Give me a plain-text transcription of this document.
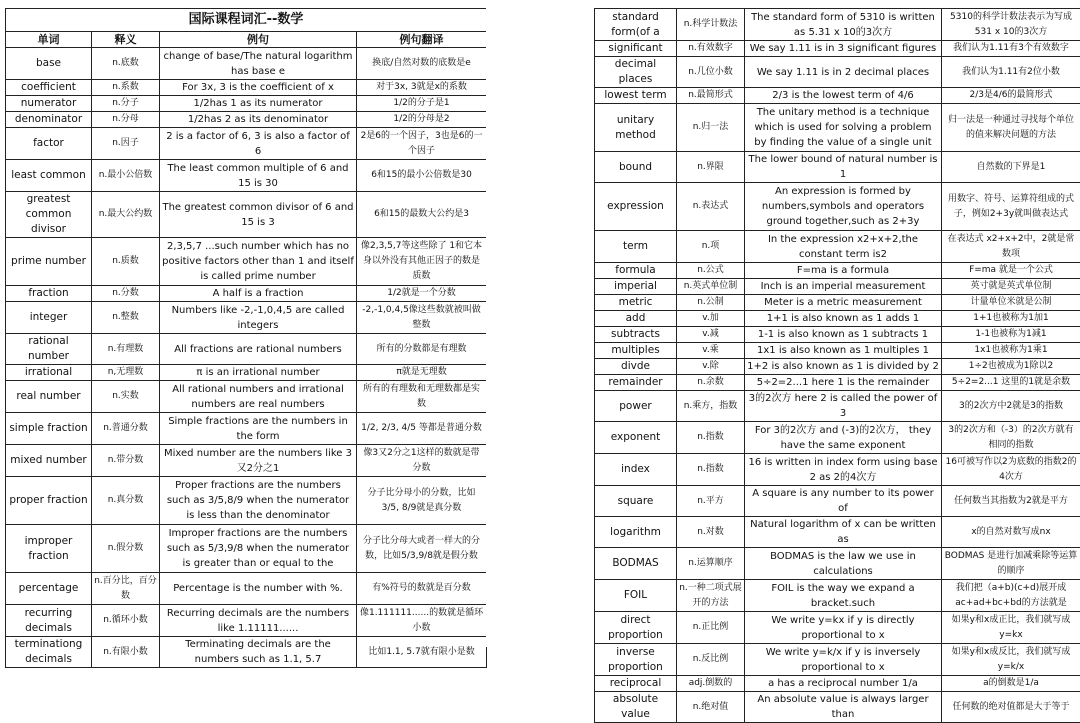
国际课程词汇--数学			
单词	释义	例句	例句翻译
base	n.底数	change of base/The natural logarithm has base e	换底/自然对数的底数是e
coefficient	n.系数	For 3x, 3 is the coefficient of x	对于3x, 3就是x的系数
numerator	n.分子	1/2has 1 as its numerator	1/2的分子是1
denominator	n.分母	1/2has 2 as its denominator	1/2的分母是2
factor	n.因子	2 is a factor of 6, 3 is also a factor of 6	2是6的一个因子，3也是6的一个因子
least common	n.最小公倍数	The least common multiple of 6 and 15 is 30	6和15的最小公倍数是30
greatest common divisor	n.最大公约数	The greatest common divisor of 6 and 15 is 3	6和15的最数大公约是3
prime number	n.质数	2,3,5,7 ...such number which has no positive factors other than 1 and itself is called prime number	像2,3,5,7等这些除了 1和它本身以外没有其他正因子的数是质数
fraction	n.分数	A half is a fraction	1/2就是一个分数
integer	n.整数	Numbers like -2,-1,0,4,5 are called integers	-2,-1,0,4,5像这些数就被叫做整数
rational number	n.有理数	All fractions are rational numbers	所有的分数都是有理数
irrational	n,无理数	π is an irrational number	π就是无理数
real number	n.实数	All rational numbers and irrational numbers are real numbers	所有的有理数和无理数都是实数
simple fraction	n.普通分数	Simple fractions are the numbers in the form	1/2, 2/3, 4/5 等都是普通分数
mixed number	n.带分数	Mixed number are the numbers like 3又2分之1	像3又2分之1这样的数就是带分数
proper fraction	n.真分数	Proper fractions are the numbers such as 3/5,8/9 when the numerator is less than the denominator	分子比分母小的分数，比如3/5, 8/9就是真分数
improper fraction	n.假分数	Improper fractions are the numbers such as 5/3,9/8 when the numerator is greater than or equal to the	分子比分母大或者一样大的分数，比如5/3,9/8就是假分数
percentage	n.百分比，百分数	Percentage is the number with %.	有%符号的数就是百分数
recurring decimals	n.循环小数	Recurring decimals are the numbers like 1.11111......	像1.111111......的数就是循环小数
terminationg decimals	n.有限小数	Terminating decimals are the numbers such as 1.1, 5.7	比如1.1, 5.7就有限小是数
standard form(of a	n.科学计数法	The standard form of 5310 is written as 5.31 x 10的3次方	5310的科学计数法表示为写成531 x 10的3次方
significant	n.有效数字	We say 1.11 is in 3 significant figures	我们认为1.11有3个有效数字
decimal places	n.几位小数	We say 1.11 is in 2 decimal places	我们认为1.11有2位小数
lowest term	n.最简形式	2/3 is the lowest term of 4/6	2/3是4/6的最简形式
unitary method	n.归一法	The unitary method is a technique which is used for solving a problem by finding the value of a single unit	归一法是一种通过寻找每个单位的值来解决问题的方法
bound	n.界限	The lower bound of natural number is 1	自然数的下界是1
expression	n.表达式	An expression is formed by numbers,symbols and operators ground together,such as 2+3y	用数字、符号、运算符组成的式子，例如2+3y就叫做表达式
term	n.项	In the expression x2+x+2,the constant term is2	在表达式 x2+x+2中，2就是常数项
formula	n.公式	F=ma is a formula	F=ma 就是一个公式
imperial	n.英式单位制	Inch is an imperial measurement	英寸就是英式单位制
metric	n.公制	Meter is a metric measurement	计量单位米就是公制
add	v.加	1+1 is also known as 1 adds 1	1+1也被称为1加1
subtracts	v.减	1-1 is also known as 1 subtracts 1	1-1也被称为1减1
multiples	v.乘	1x1 is also known as 1 multiples 1	1x1也被称为1乘1
divde	v.除	1+2 is also known as 1 is divided by 2	1÷2也被成为1除以2
remainder	n.余数	5÷2=2...1 here 1 is the remainder	5÷2=2...1 这里的1就是余数
power	n.乘方，指数	3的2次方 here 2 is called the power of 3	3的2次方中2就是3的指数
exponent	n.指数	For 3的2次方 and (-3)的2次方， they have the same exponent	3的2次方和（-3）的2次方就有相同的指数
index	n.指数	16 is written in index form using base 2 as 2的4次方	16可被写作以2为底数的指数2的4次方
square	n.平方	A square is any number to its power of	任何数当其指数为2就是平方
logarithm	n.对数	Natural logarithm of x can be written as	x的自然对数写成nx
BODMAS	n.运算顺序	BODMAS is the law we use in calculations	BODMAS 是进行加减乘除等运算的顺序
FOIL	n.一种二项式展开的方法	FOIL is the way we expand a bracket.such	我们把（a+b)(c+d)展开成ac+ad+bc+bd的方法就是
direct proportion	n.正比例	We write y=kx if y is directly proportional to x	如果y和x成正比，我们就写成y=kx
inverse proportion	n.反比例	We write y=k/x if y is inversely proportional to x	如果y和x成反比，我们就写成y=k/x
reciprocal	adj.倒数的	a has a reciprocal number 1/a	a的倒数是1/a
absolute value	n.绝对值	An absolute value is always larger than	任何数的绝对值都是大于等于
